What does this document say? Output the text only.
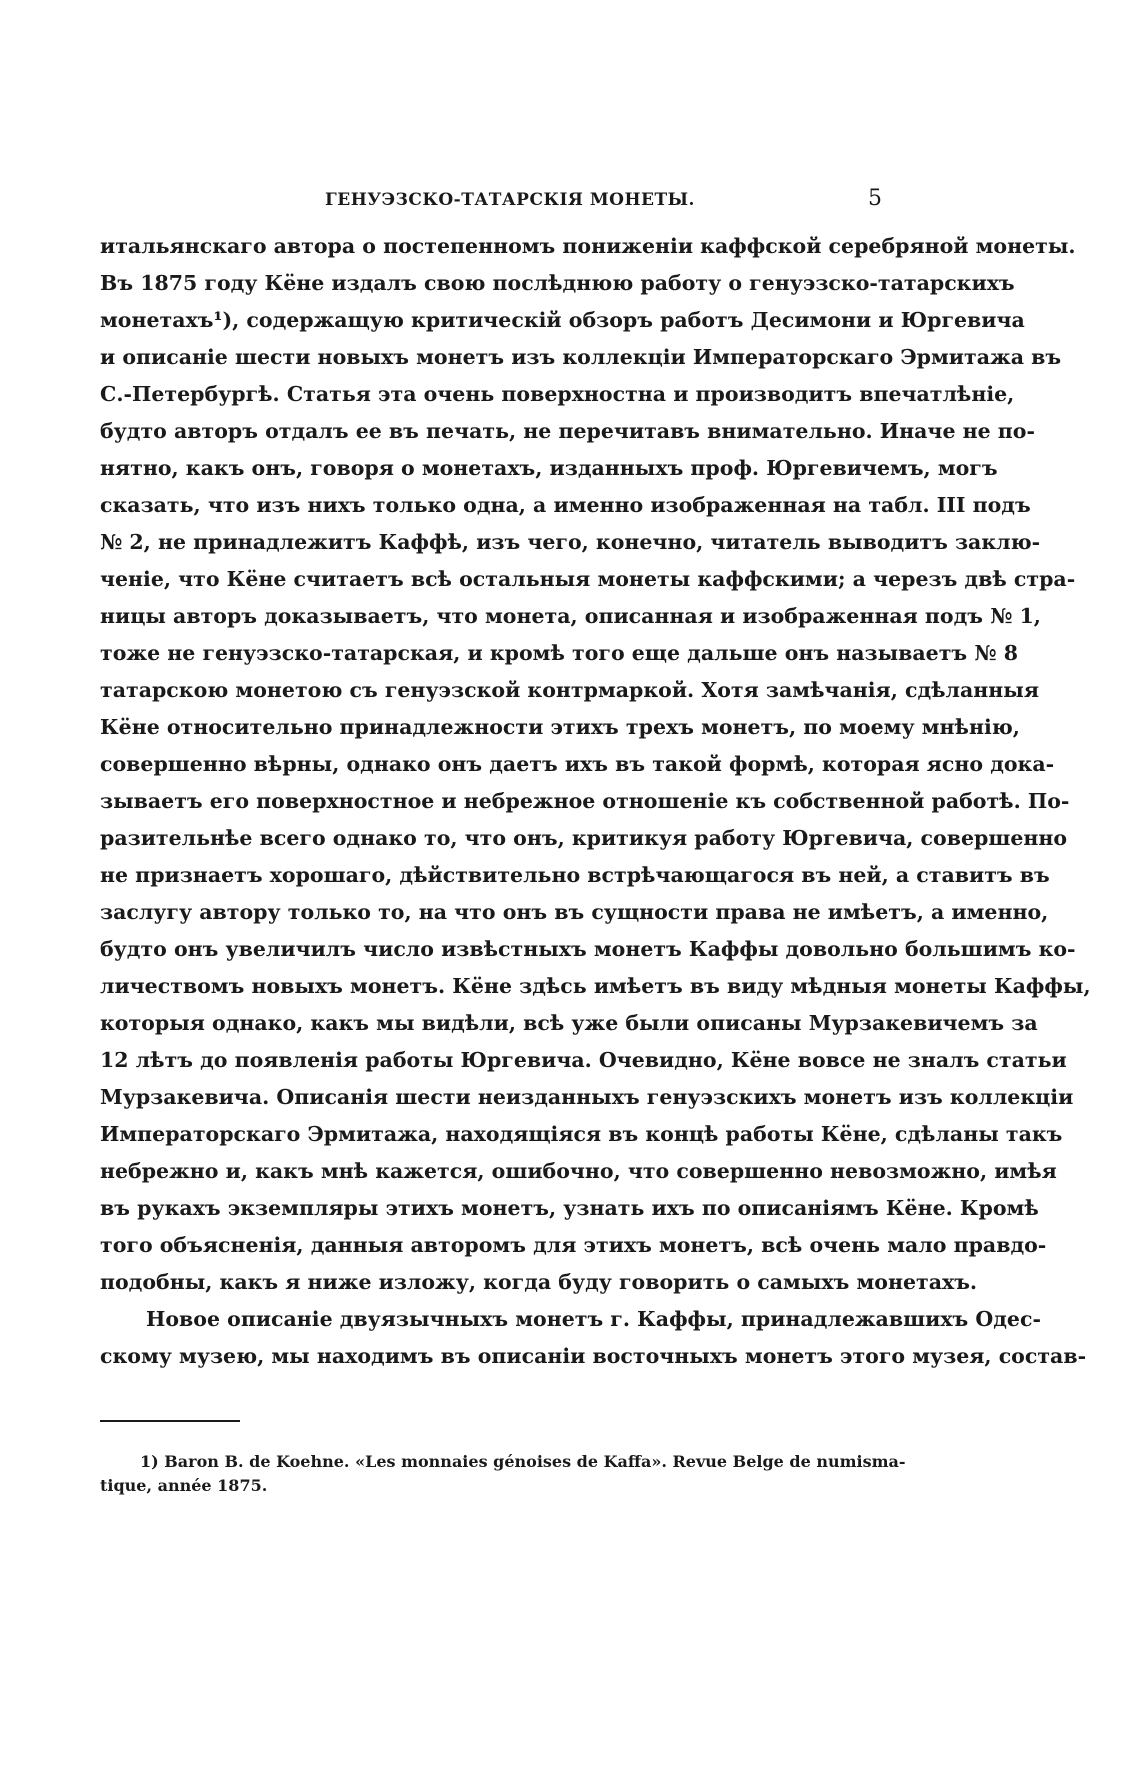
ГЕНУЭЗСКО-ТАТАРСКІЯ МОНЕТЫ.	5
итальянскаго автора о постепенномъ пониженіи каффской серебряной монеты.
Въ 1875 году Кёне издалъ свою послѣднюю работу о генуэзско-татарскихъ
монетахъ¹), содержащую критическій обзоръ работъ Десимони и Юргевича
и описаніе шести новыхъ монетъ изъ коллекціи Императорскаго Эрмитажа въ
С.-Петербургѣ. Статья эта очень поверхностна и производитъ впечатлѣніе,
будто авторъ отдалъ ее въ печать, не перечитавъ внимательно. Иначе не по-
нятно, какъ онъ, говоря о монетахъ, изданныхъ проф. Юргевичемъ, могъ
сказать, что изъ нихъ только одна, а именно изображенная на табл. III подъ
№ 2, не принадлежитъ Каффѣ, изъ чего, конечно, читатель выводитъ заклю-
ченіе, что Кёне считаетъ всѣ остальныя монеты каффскими; а черезъ двѣ стра-
ницы авторъ доказываетъ, что монета, описанная и изображенная подъ № 1,
тоже не генуэзско-татарская, и кромѣ того еще дальше онъ называетъ № 8
татарскою монетою съ генуэзской контрмаркой. Хотя замѣчанія, сдѣланныя
Кёне относительно принадлежности этихъ трехъ монетъ, по моему мнѣнію,
совершенно вѣрны, однако онъ даетъ ихъ въ такой формѣ, которая ясно дока-
зываетъ его поверхностное и небрежное отношеніе къ собственной работѣ. По-
разительнѣе всего однако то, что онъ, критикуя работу Юргевича, совершенно
не признаетъ хорошаго, дѣйствительно встрѣчающагося въ ней, а ставитъ въ
заслугу автору только то, на что онъ въ сущности права не имѣетъ, а именно,
будто онъ увеличилъ число извѣстныхъ монетъ Каффы довольно большимъ ко-
личествомъ новыхъ монетъ. Кёне здѣсь имѣетъ въ виду мѣдныя монеты Каффы,
которыя однако, какъ мы видѣли, всѣ уже были описаны Мурзакевичемъ за
12 лѣтъ до появленія работы Юргевича. Очевидно, Кёне вовсе не зналъ статьи
Мурзакевича. Описанія шести неизданныхъ генуэзскихъ монетъ изъ коллекціи
Императорскаго Эрмитажа, находящіяся въ концѣ работы Кёне, сдѣланы такъ
небрежно и, какъ мнѣ кажется, ошибочно, что совершенно невозможно, имѣя
въ рукахъ экземпляры этихъ монетъ, узнать ихъ по описаніямъ Кёне. Кромѣ
того объясненія, данныя авторомъ для этихъ монетъ, всѣ очень мало правдо-
подобны, какъ я ниже изложу, когда буду говорить о самыхъ монетахъ.
Новое описаніе двуязычныхъ монетъ г. Каффы, принадлежавшихъ Одес-
скому музею, мы находимъ въ описаніи восточныхъ монетъ этого музея, состав-
1) Baron B. de Koehne. «Les monnaies génoises de Kaffa». Revue Belge de numisma-
tique, année 1875.
